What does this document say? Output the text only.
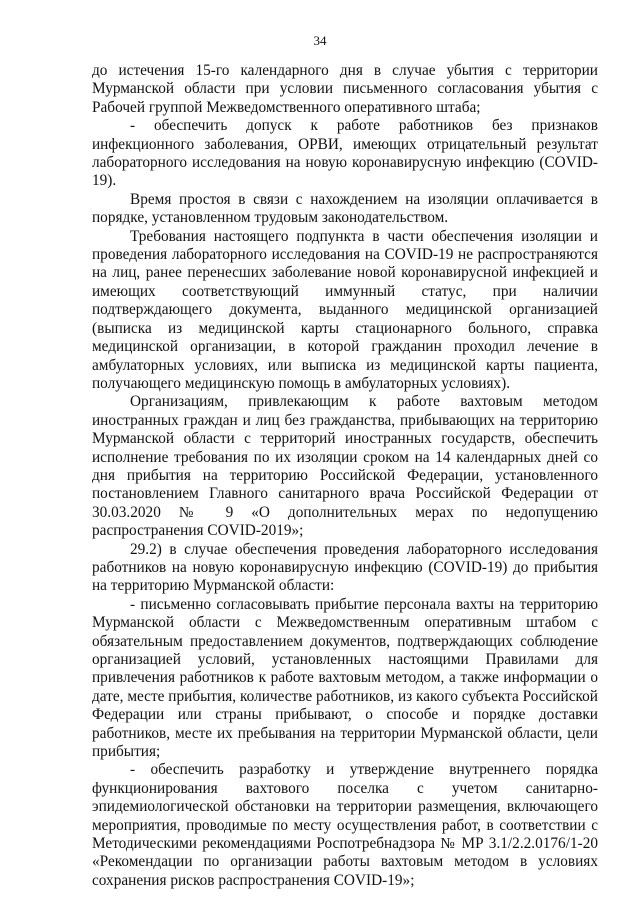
34

до истечения 15-го календарного дня в случае убытия с территории Мурманской области при условии письменного согласования убытия с Рабочей группой Межведомственного оперативного штаба;

- обеспечить допуск к работе работников без признаков инфекционного заболевания, ОРВИ, имеющих отрицательный результат лабораторного исследования на новую коронавирусную инфекцию (COVID-19).

Время простоя в связи с нахождением на изоляции оплачивается в порядке, установленном трудовым законодательством.

Требования настоящего подпункта в части обеспечения изоляции и проведения лабораторного исследования на COVID-19 не распространяются на лиц, ранее перенесших заболевание новой коронавирусной инфекцией и имеющих соответствующий иммунный статус, при наличии подтверждающего документа, выданного медицинской организацией (выписка из медицинской карты стационарного больного, справка медицинской организации, в которой гражданин проходил лечение в амбулаторных условиях, или выписка из медицинской карты пациента, получающего медицинскую помощь в амбулаторных условиях).

Организациям, привлекающим к работе вахтовым методом иностранных граждан и лиц без гражданства, прибывающих на территорию Мурманской области с территорий иностранных государств, обеспечить исполнение требования по их изоляции сроком на 14 календарных дней со дня прибытия на территорию Российской Федерации, установленного постановлением Главного санитарного врача Российской Федерации от 30.03.2020 № 9 «О дополнительных мерах по недопущению распространения COVID-2019»;

29.2) в случае обеспечения проведения лабораторного исследования работников на новую коронавирусную инфекцию (COVID-19) до прибытия на территорию Мурманской области:

- письменно согласовывать прибытие персонала вахты на территорию Мурманской области с Межведомственным оперативным штабом с обязательным предоставлением документов, подтверждающих соблюдение организацией условий, установленных настоящими Правилами для привлечения работников к работе вахтовым методом, а также информации о дате, месте прибытия, количестве работников, из какого субъекта Российской Федерации или страны прибывают, о способе и порядке доставки работников, месте их пребывания на территории Мурманской области, цели прибытия;

- обеспечить разработку и утверждение внутреннего порядка функционирования вахтового поселка с учетом санитарно-эпидемиологической обстановки на территории размещения, включающего мероприятия, проводимые по месту осуществления работ, в соответствии с Методическими рекомендациями Роспотребнадзора № МР 3.1/2.2.0176/1-20 «Рекомендации по организации работы вахтовым методом в условиях сохранения рисков распространения COVID-19»;
